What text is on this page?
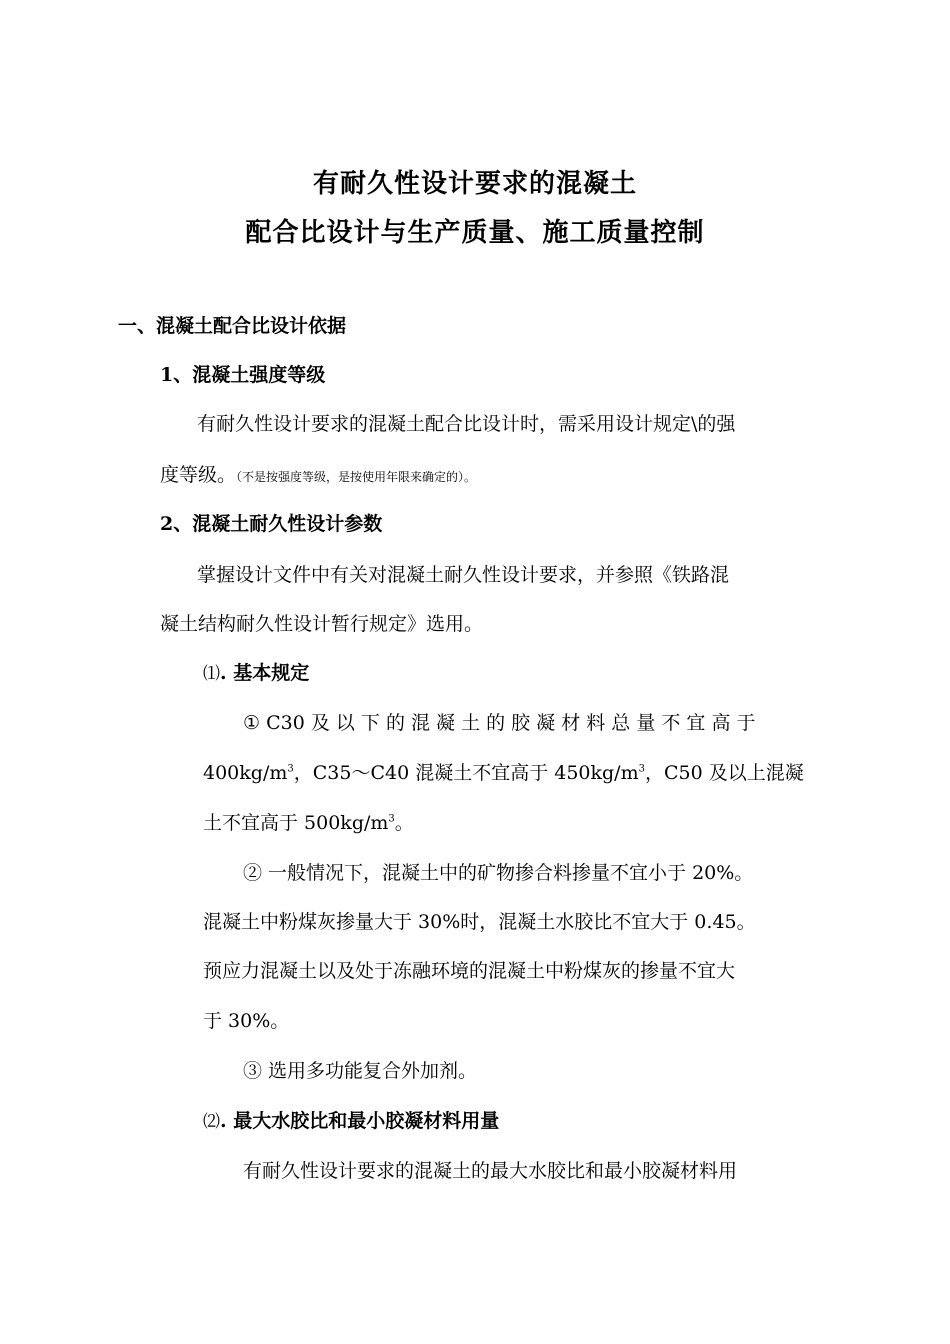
有耐久性设计要求的混凝土
配合比设计与生产质量、施工质量控制
一、混凝土配合比设计依据
1、混凝土强度等级
有耐久性设计要求的混凝土配合比设计时，需采用设计规定\的强
度等级。（不是按强度等级，是按使用年限来确定的）。
2、混凝土耐久性设计参数
掌握设计文件中有关对混凝土耐久性设计要求，并参照《铁路混
凝土结构耐久性设计暂行规定》选用。
⑴. 基本规定
① C30 及 以 下 的 混 凝 土 的 胶 凝 材 料 总 量 不 宜 高 于
$400kg/m^3$，C35～C40 混凝土不宜高于 $450kg/m^3$，C50 及以上混凝
土不宜高于 $500kg/m^3$。
② 一般情况下，混凝土中的矿物掺合料掺量不宜小于 20%。
混凝土中粉煤灰掺量大于 30%时，混凝土水胶比不宜大于 0.45。
预应力混凝土以及处于冻融环境的混凝土中粉煤灰的掺量不宜大
于 30%。
③ 选用多功能复合外加剂。
⑵. 最大水胶比和最小胶凝材料用量
有耐久性设计要求的混凝土的最大水胶比和最小胶凝材料用
